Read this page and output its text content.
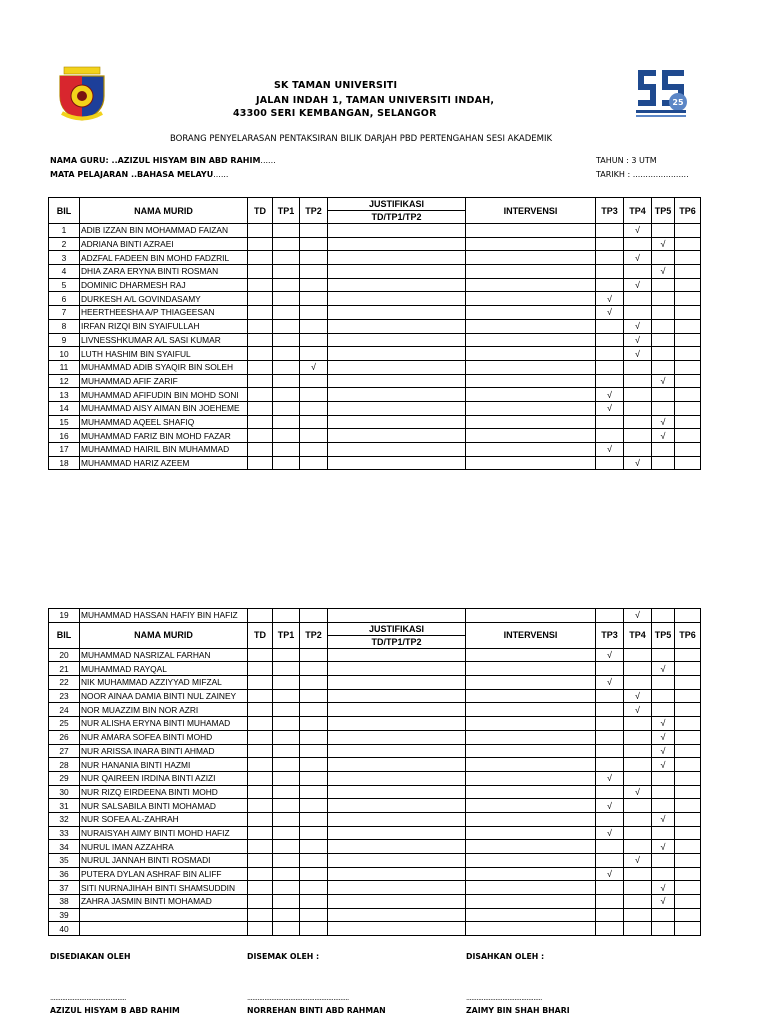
25
SK TAMAN UNIVERSITI
JALAN INDAH 1, TAMAN UNIVERSITI INDAH,
43300 SERI KEMBANGAN, SELANGOR
BORANG PENYELARASAN PENTAKSIRAN BILIK DARJAH PBD PERTENGAHAN SESI AKADEMIK
NAMA GURU: ..AZIZUL HISYAM BIN ABD RAHIM......
MATA PELAJARAN ..BAHASA MELAYU......
TAHUN : 3 UTM
TARIKH : ......................
BIL	NAMA MURID	TD	TP1	TP2	JUSTIFIKASI	INTERVENSI	TP3	TP4	TP5	TP6
					TD/TP1/TP2					
1	ADIB IZZAN BIN MOHAMMAD FAIZAN							√		
2	ADRIANA BINTI AZRAEI								√	
3	ADZFAL FADEEN BIN MOHD FADZRIL							√		
4	DHIA ZARA ERYNA BINTI ROSMAN								√	
5	DOMINIC DHARMESH RAJ							√		
6	DURKESH A/L GOVINDASAMY						√			
7	HEERTHEESHA A/P THIAGEESAN						√			
8	IRFAN RIZQI BIN SYAIFULLAH							√		
9	LIVNESSHKUMAR A/L SASI KUMAR							√		
10	LUTH HASHIM BIN SYAIFUL							√		
11	MUHAMMAD ADIB SYAQIR BIN SOLEH			√						
12	MUHAMMAD AFIF ZARIF								√	
13	MUHAMMAD AFIFUDIN BIN MOHD SONI						√			
14	MUHAMMAD AISY AIMAN BIN JOEHEME						√			
15	MUHAMMAD AQEEL SHAFIQ								√	
16	MUHAMMAD FARIZ BIN MOHD FAZAR								√	
17	MUHAMMAD HAIRIL BIN MUHAMMAD						√			
18	MUHAMMAD HARIZ AZEEM							√		
19	MUHAMMAD HASSAN HAFIY BIN HAFIZ							√		
BIL	NAMA MURID	TD	TP1	TP2	JUSTIFIKASI	INTERVENSI	TP3	TP4	TP5	TP6
					TD/TP1/TP2					
20	MUHAMMAD NASRIZAL FARHAN						√			
21	MUHAMMAD RAYQAL								√	
22	NIK MUHAMMAD AZZIYYAD MIFZAL						√			
23	NOOR AINAA DAMIA BINTI NUL ZAINEY							√		
24	NOR MUAZZIM BIN NOR AZRI							√		
25	NUR ALISHA ERYNA BINTI MUHAMAD								√	
26	NUR AMARA SOFEA BINTI MOHD								√	
27	NUR ARISSA INARA BINTI AHMAD								√	
28	NUR HANANIA BINTI HAZMI								√	
29	NUR QAIREEN IRDINA BINTI AZIZI						√			
30	NUR RIZQ EIRDEENA BINTI MOHD							√		
31	NUR SALSABILA BINTI MOHAMAD						√			
32	NUR SOFEA AL-ZAHRAH								√	
33	NURAISYAH AIMY BINTI MOHD HAFIZ						√			
34	NURUL IMAN AZZAHRA								√	
35	NURUL JANNAH BINTI ROSMADI							√		
36	PUTERA DYLAN ASHRAF BIN ALIFF						√			
37	SITI NURNAJIHAH BINTI SHAMSUDDIN								√	
38	ZAHRA JASMIN BINTI MOHAMAD								√	
39										
40										
DISEDIAKAN OLEH	DISEMAK OLEH :	DISAHKAN OLEH :
............................................	...........................................................	............................................
AZIZUL HISYAM B ABD RAHIM	NORREHAN BINTI ABD RAHMAN	ZAIMY BIN SHAH BHARI
